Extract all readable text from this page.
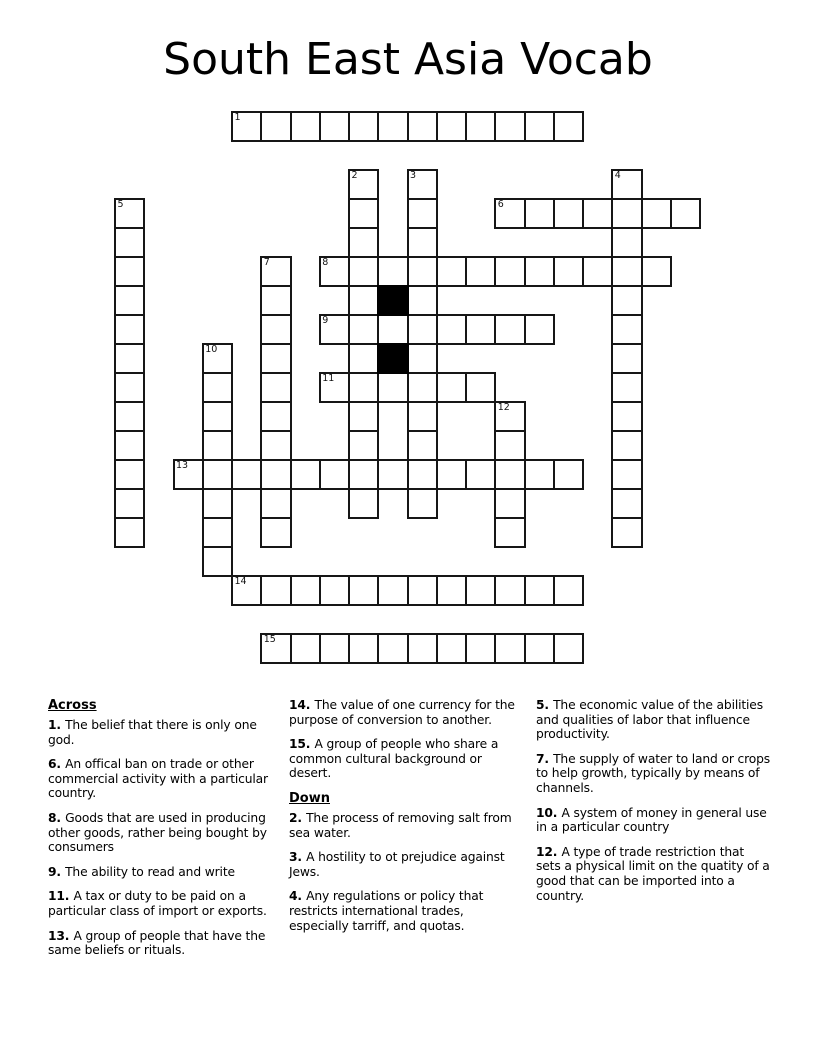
South East Asia Vocab
1
2	3	4
5	6
7	8
9
10
11
12
13
14
15
Across
1. The belief that there is only one god.
6. An offical ban on trade or other commercial activity with a particular country.
8. Goods that are used in producing other goods, rather being bought by consumers
9. The ability to read and write
11. A tax or duty to be paid on a particular class of import or exports.
13. A group of people that have the same beliefs or rituals.
14. The value of one currency for the purpose of conversion to another.
15. A group of people who share a common cultural background or desert.
Down
2. The process of removing salt from sea water.
3. A hostility to ot prejudice against Jews.
4. Any regulations or policy that restricts international trades, especially tarriff, and quotas.
5. The economic value of the abilities and qualities of labor that influence productivity.
7. The supply of water to land or crops to help growth, typically by means of channels.
10. A system of money in general use in a particular country
12. A type of trade restriction that sets a physical limit on the quatity of a good that can be imported into a country.
